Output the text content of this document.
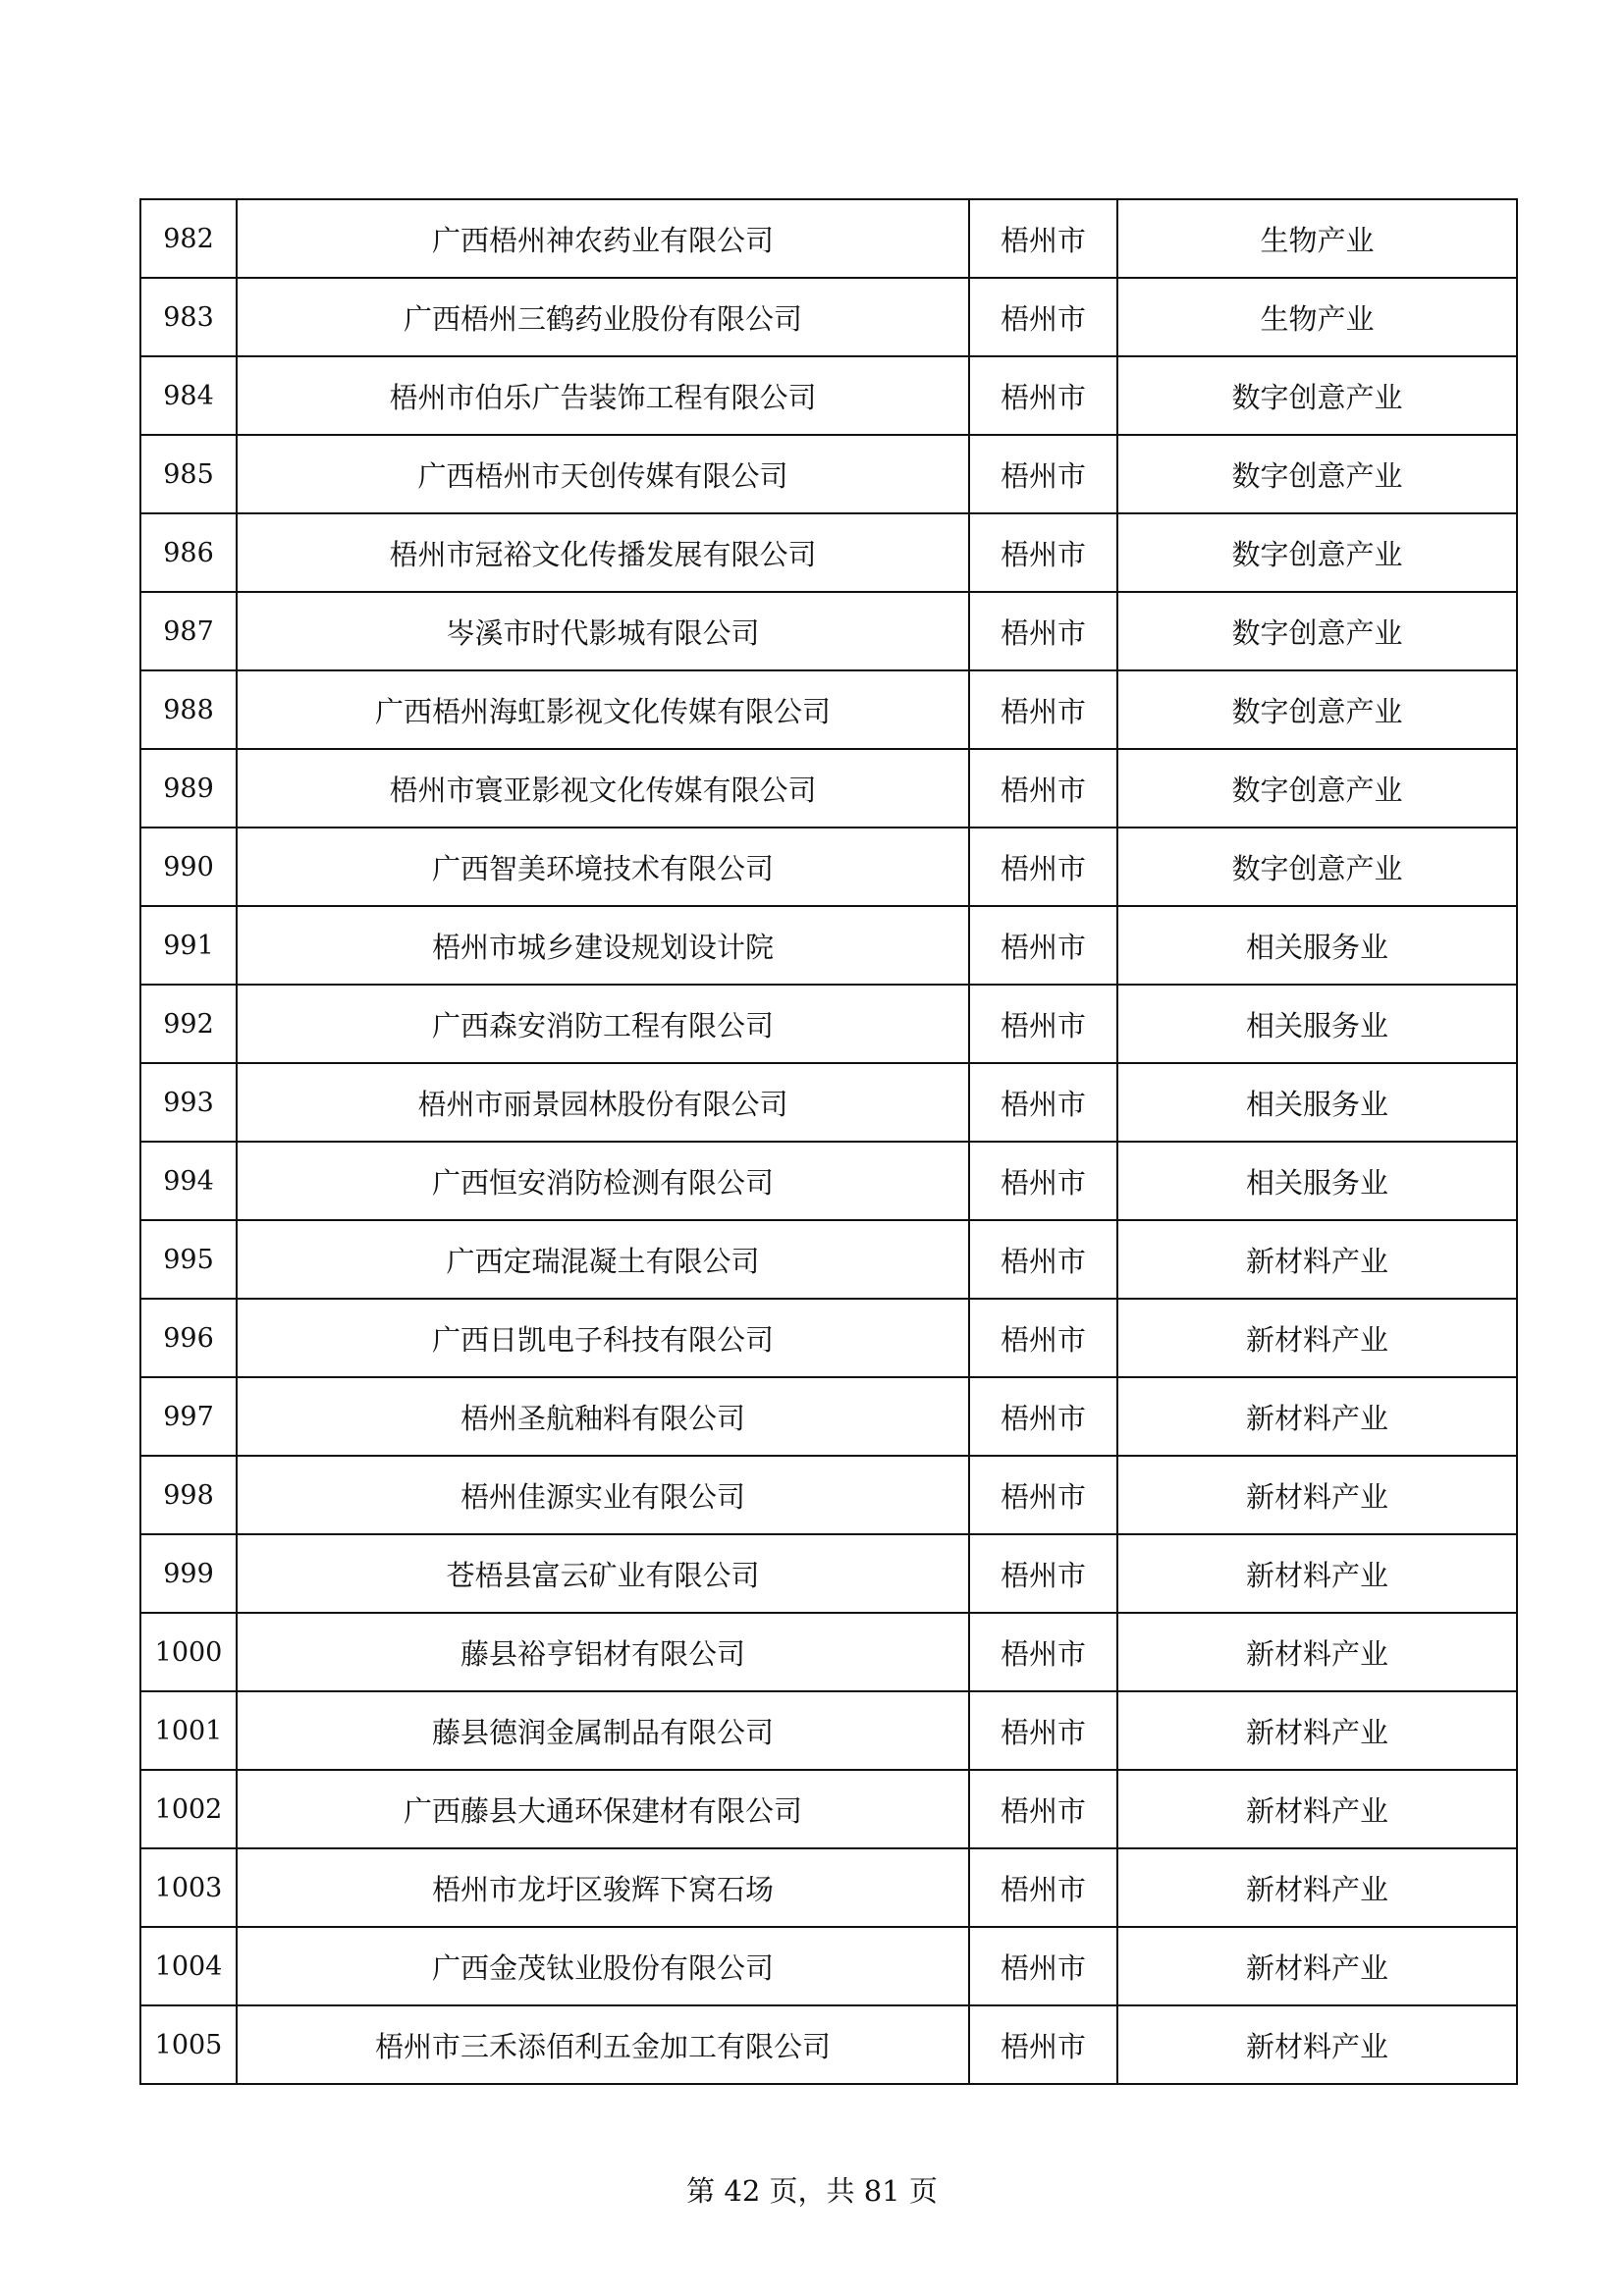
982	广西梧州神农药业有限公司	梧州市	生物产业
983	广西梧州三鹤药业股份有限公司	梧州市	生物产业
984	梧州市伯乐广告装饰工程有限公司	梧州市	数字创意产业
985	广西梧州市天创传媒有限公司	梧州市	数字创意产业
986	梧州市冠裕文化传播发展有限公司	梧州市	数字创意产业
987	岑溪市时代影城有限公司	梧州市	数字创意产业
988	广西梧州海虹影视文化传媒有限公司	梧州市	数字创意产业
989	梧州市寰亚影视文化传媒有限公司	梧州市	数字创意产业
990	广西智美环境技术有限公司	梧州市	数字创意产业
991	梧州市城乡建设规划设计院	梧州市	相关服务业
992	广西森安消防工程有限公司	梧州市	相关服务业
993	梧州市丽景园林股份有限公司	梧州市	相关服务业
994	广西恒安消防检测有限公司	梧州市	相关服务业
995	广西定瑞混凝土有限公司	梧州市	新材料产业
996	广西日凯电子科技有限公司	梧州市	新材料产业
997	梧州圣航釉料有限公司	梧州市	新材料产业
998	梧州佳源实业有限公司	梧州市	新材料产业
999	苍梧县富云矿业有限公司	梧州市	新材料产业
1000	藤县裕亨铝材有限公司	梧州市	新材料产业
1001	藤县德润金属制品有限公司	梧州市	新材料产业
1002	广西藤县大通环保建材有限公司	梧州市	新材料产业
1003	梧州市龙圩区骏辉下窝石场	梧州市	新材料产业
1004	广西金茂钛业股份有限公司	梧州市	新材料产业
1005	梧州市三禾添佰利五金加工有限公司	梧州市	新材料产业
第 42 页，共 81 页
